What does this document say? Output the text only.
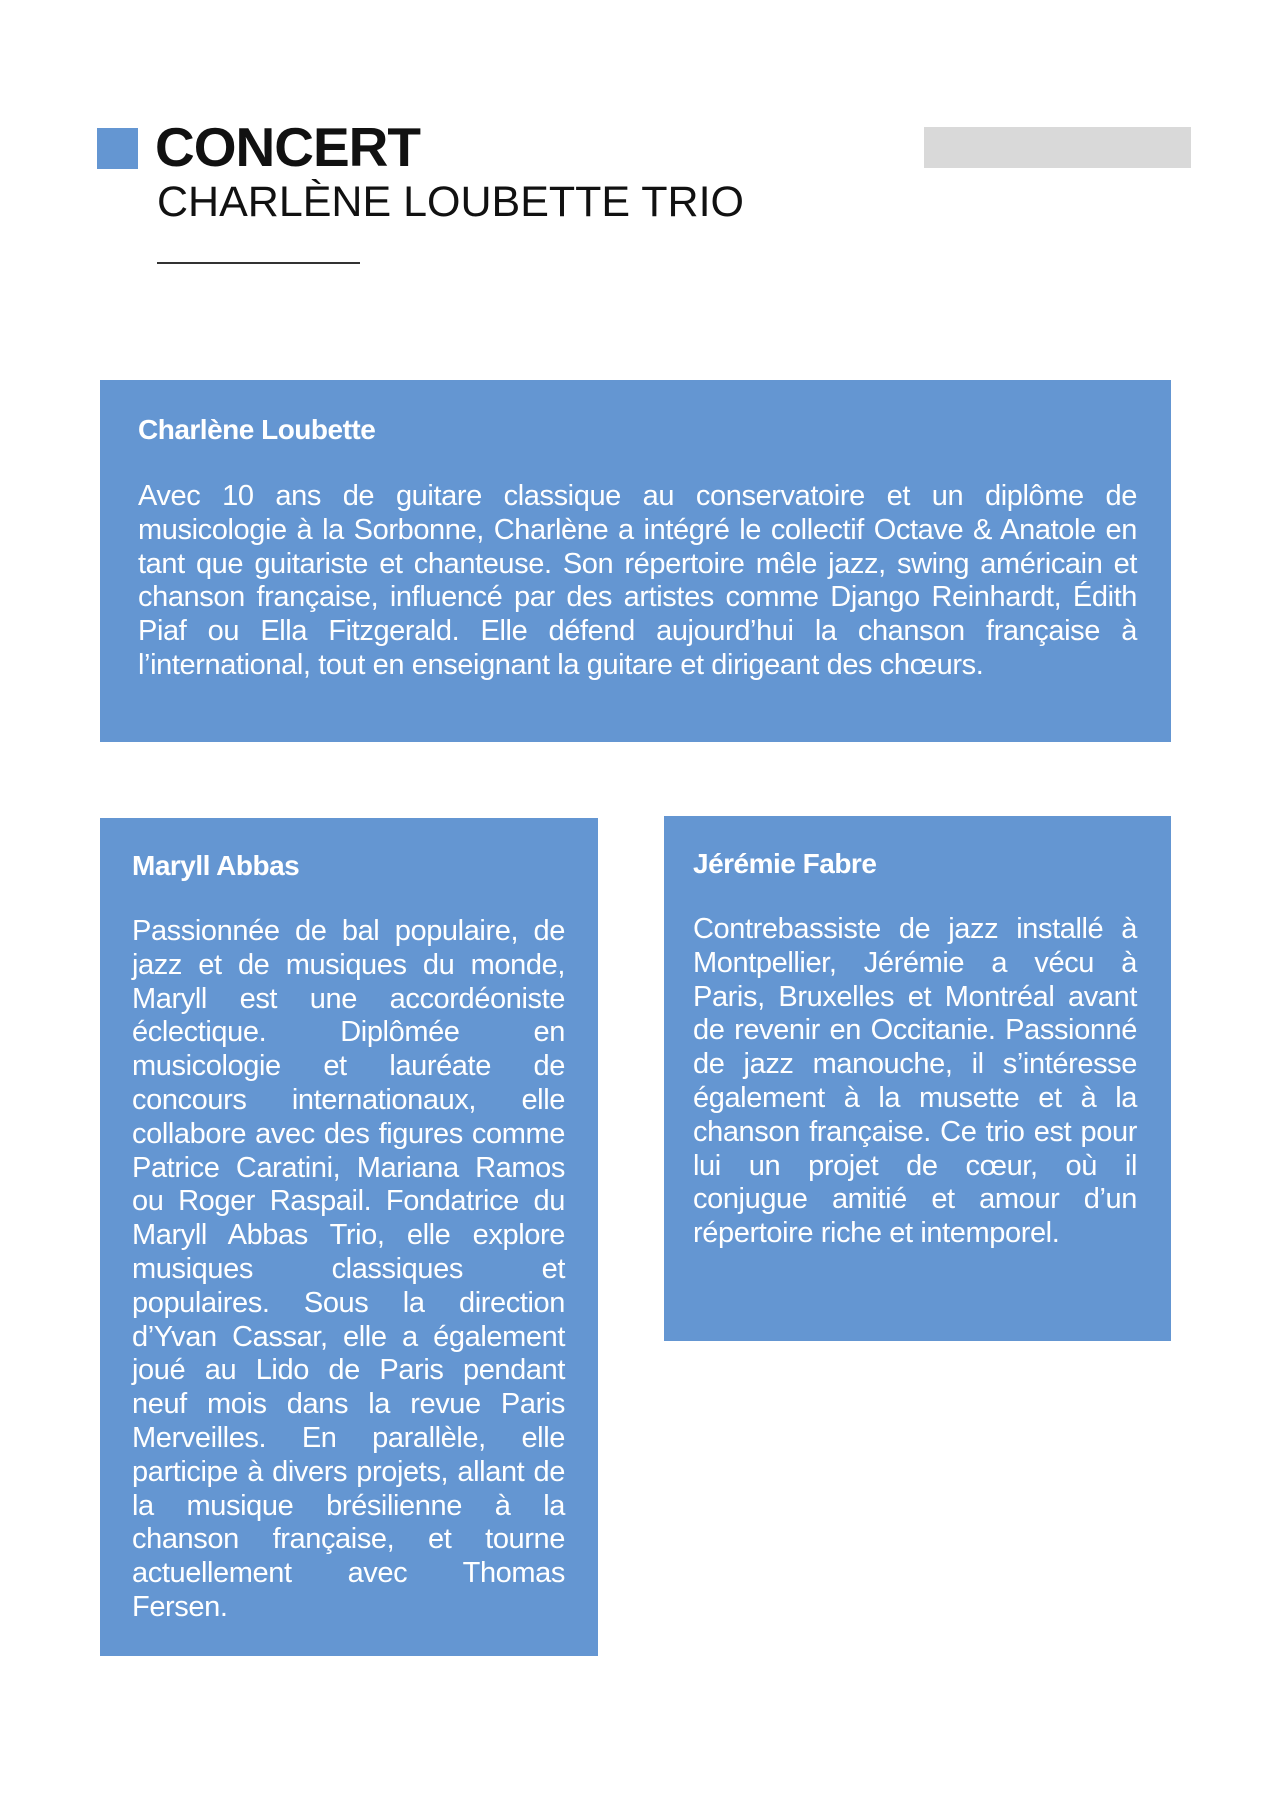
CONCERT
CHARLÈNE LOUBETTE TRIO
Charlène Loubette

Avec 10 ans de guitare classique au conservatoire et un diplôme de musicologie à la Sorbonne, Charlène a intégré le collectif Octave & Anatole en tant que guitariste et chanteuse. Son répertoire mêle jazz, swing américain et chanson française, influencé par des artistes comme Django Reinhardt, Édith Piaf ou Ella Fitzgerald. Elle défend aujourd’hui la chanson française à l’international, tout en enseignant la guitare et dirigeant des chœurs.

Maryll Abbas

Passionnée de bal populaire, de jazz et de musiques du monde, Maryll est une accordéoniste éclectique. Diplômée en musicologie et lauréate de concours internationaux, elle collabore avec des figures comme Patrice Caratini, Mariana Ramos ou Roger Raspail. Fondatrice du Maryll Abbas Trio, elle explore musiques classiques et populaires. Sous la direction d’Yvan Cassar, elle a également joué au Lido de Paris pendant neuf mois dans la revue Paris Merveilles. En parallèle, elle participe à divers projets, allant de la musique brésilienne à la chanson française, et tourne actuellement avec Thomas Fersen.

Jérémie Fabre

Contrebassiste de jazz installé à Montpellier, Jérémie a vécu à Paris, Bruxelles et Montréal avant de revenir en Occitanie. Passionné de jazz manouche, il s’intéresse également à la musette et à la chanson française. Ce trio est pour lui un projet de cœur, où il conjugue amitié et amour d’un répertoire riche et intemporel.
